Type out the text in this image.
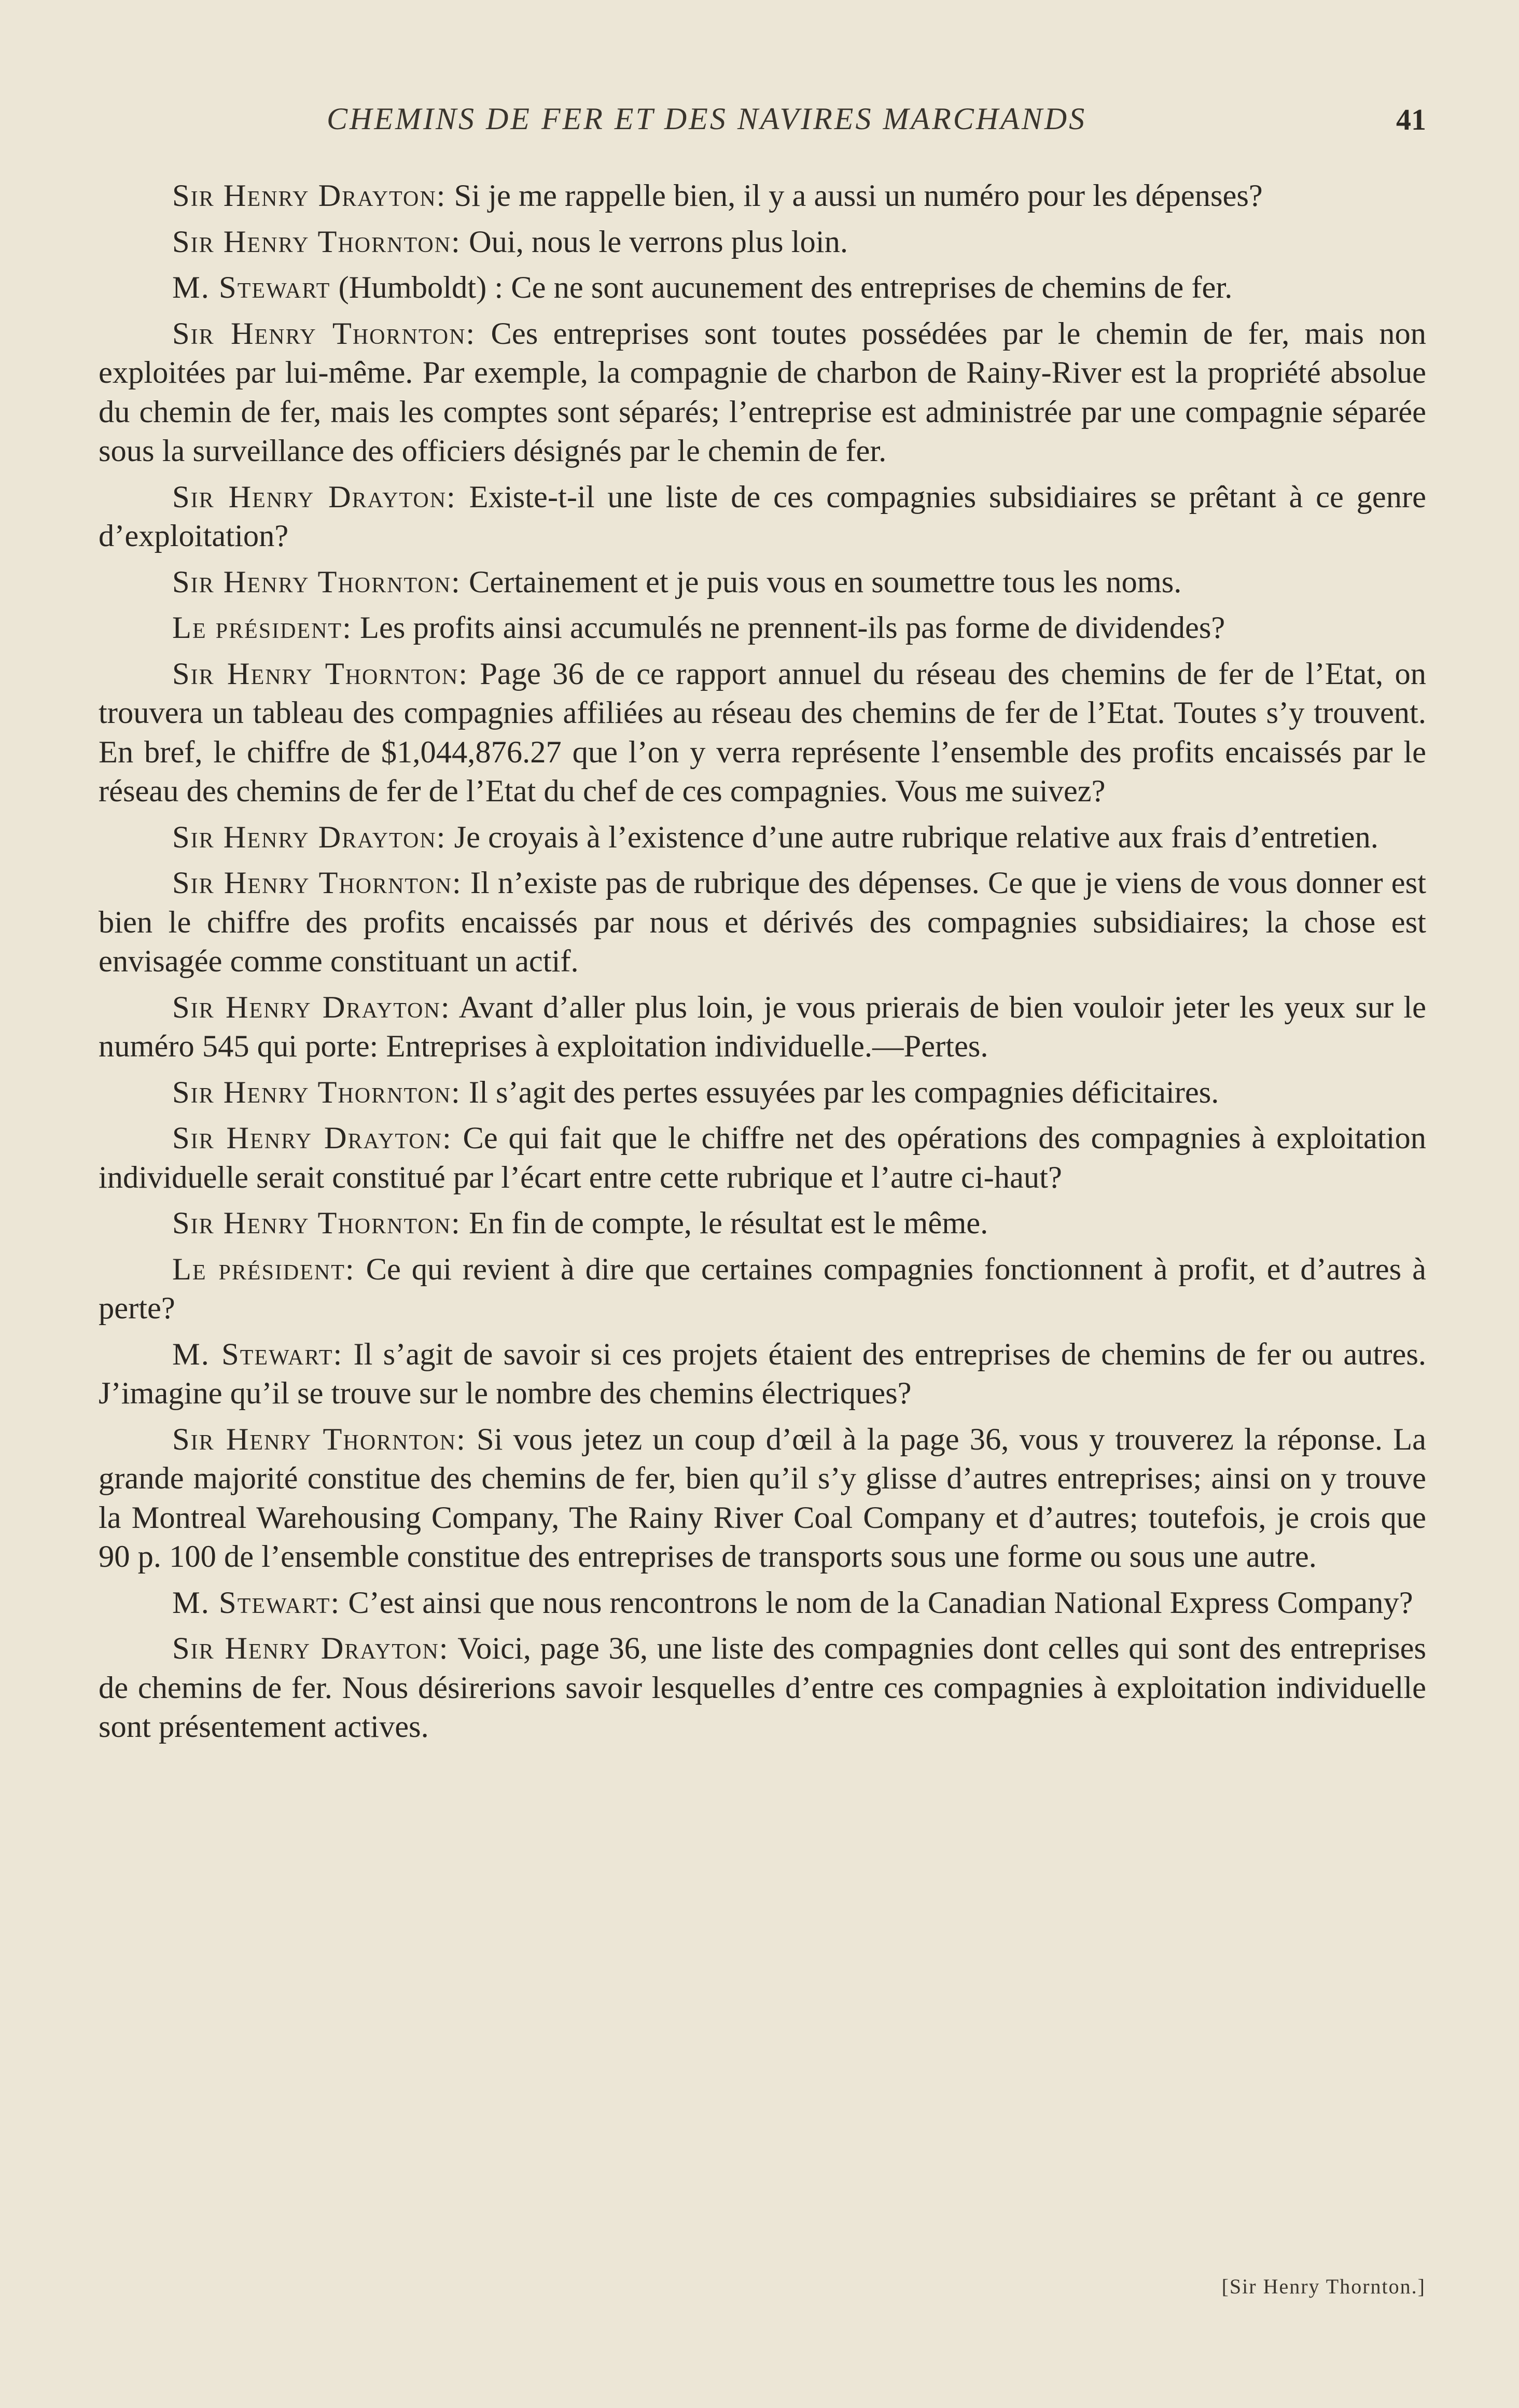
CHEMINS DE FER ET DES NAVIRES MARCHANDS	41

Sir Henry Drayton: Si je me rappelle bien, il y a aussi un numéro pour les dépenses?

Sir Henry Thornton: Oui, nous le verrons plus loin.

M. Stewart (Humboldt) : Ce ne sont aucunement des entreprises de chemins de fer.

Sir Henry Thornton: Ces entreprises sont toutes possédées par le chemin de fer, mais non exploitées par lui-même. Par exemple, la compagnie de charbon de Rainy-River est la propriété absolue du chemin de fer, mais les comptes sont séparés; l’entreprise est administrée par une compagnie séparée sous la surveillance des officiers désignés par le chemin de fer.

Sir Henry Drayton: Existe-t-il une liste de ces compagnies subsidiaires se prêtant à ce genre d’exploitation?

Sir Henry Thornton: Certainement et je puis vous en soumettre tous les noms.

Le président: Les profits ainsi accumulés ne prennent-ils pas forme de dividendes?

Sir Henry Thornton: Page 36 de ce rapport annuel du réseau des chemins de fer de l’Etat, on trouvera un tableau des compagnies affiliées au réseau des chemins de fer de l’Etat. Toutes s’y trouvent. En bref, le chiffre de $1,044,876.27 que l’on y verra représente l’ensemble des profits encaissés par le réseau des chemins de fer de l’Etat du chef de ces compagnies. Vous me suivez?

Sir Henry Drayton: Je croyais à l’existence d’une autre rubrique relative aux frais d’entretien.

Sir Henry Thornton: Il n’existe pas de rubrique des dépenses. Ce que je viens de vous donner est bien le chiffre des profits encaissés par nous et dérivés des compagnies subsidiaires; la chose est envisagée comme constituant un actif.

Sir Henry Drayton: Avant d’aller plus loin, je vous prierais de bien vouloir jeter les yeux sur le numéro 545 qui porte: Entreprises à exploitation individuelle.—Pertes.

Sir Henry Thornton: Il s’agit des pertes essuyées par les compagnies déficitaires.

Sir Henry Drayton: Ce qui fait que le chiffre net des opérations des compagnies à exploitation individuelle serait constitué par l’écart entre cette rubrique et l’autre ci-haut?

Sir Henry Thornton: En fin de compte, le résultat est le même.

Le président: Ce qui revient à dire que certaines compagnies fonctionnent à profit, et d’autres à perte?

M. Stewart: Il s’agit de savoir si ces projets étaient des entreprises de chemins de fer ou autres. J’imagine qu’il se trouve sur le nombre des chemins électriques?

Sir Henry Thornton: Si vous jetez un coup d’œil à la page 36, vous y trouverez la réponse. La grande majorité constitue des chemins de fer, bien qu’il s’y glisse d’autres entreprises; ainsi on y trouve la Montreal Warehousing Company, The Rainy River Coal Company et d’autres; toutefois, je crois que 90 p. 100 de l’ensemble constitue des entreprises de transports sous une forme ou sous une autre.

M. Stewart: C’est ainsi que nous rencontrons le nom de la Canadian National Express Company?

Sir Henry Drayton: Voici, page 36, une liste des compagnies dont celles qui sont des entreprises de chemins de fer. Nous désirerions savoir lesquelles d’entre ces compagnies à exploitation individuelle sont présentement actives.

[Sir Henry Thornton.]
